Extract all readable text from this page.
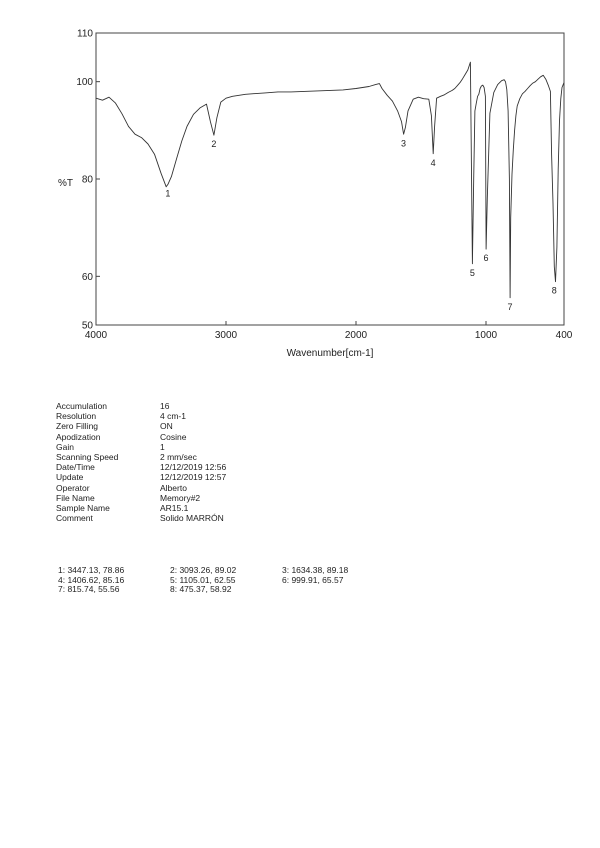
4000	3000	2000	1000	400
110
100
80
60
50
%T
Wavenumber[cm-1]
1
2	3
4
5
6
7
8
Accumulation	16
Resolution	4 cm-1
Zero Filling	ON
Apodization	Cosine
Gain	1
Scanning Speed	2 mm/sec
Date/Time	12/12/2019 12:56
Update	12/12/2019 12:57
Operator	Alberto
File Name	Memory#2
Sample Name	AR15.1
Comment	Solido MARRÓN
1: 3447.13, 78.86	2: 3093.26, 89.02	3: 1634.38, 89.18
4: 1406.62, 85.16	5: 1105.01, 62.55	6: 999.91, 65.57
7: 815.74, 55.56	8: 475.37, 58.92
